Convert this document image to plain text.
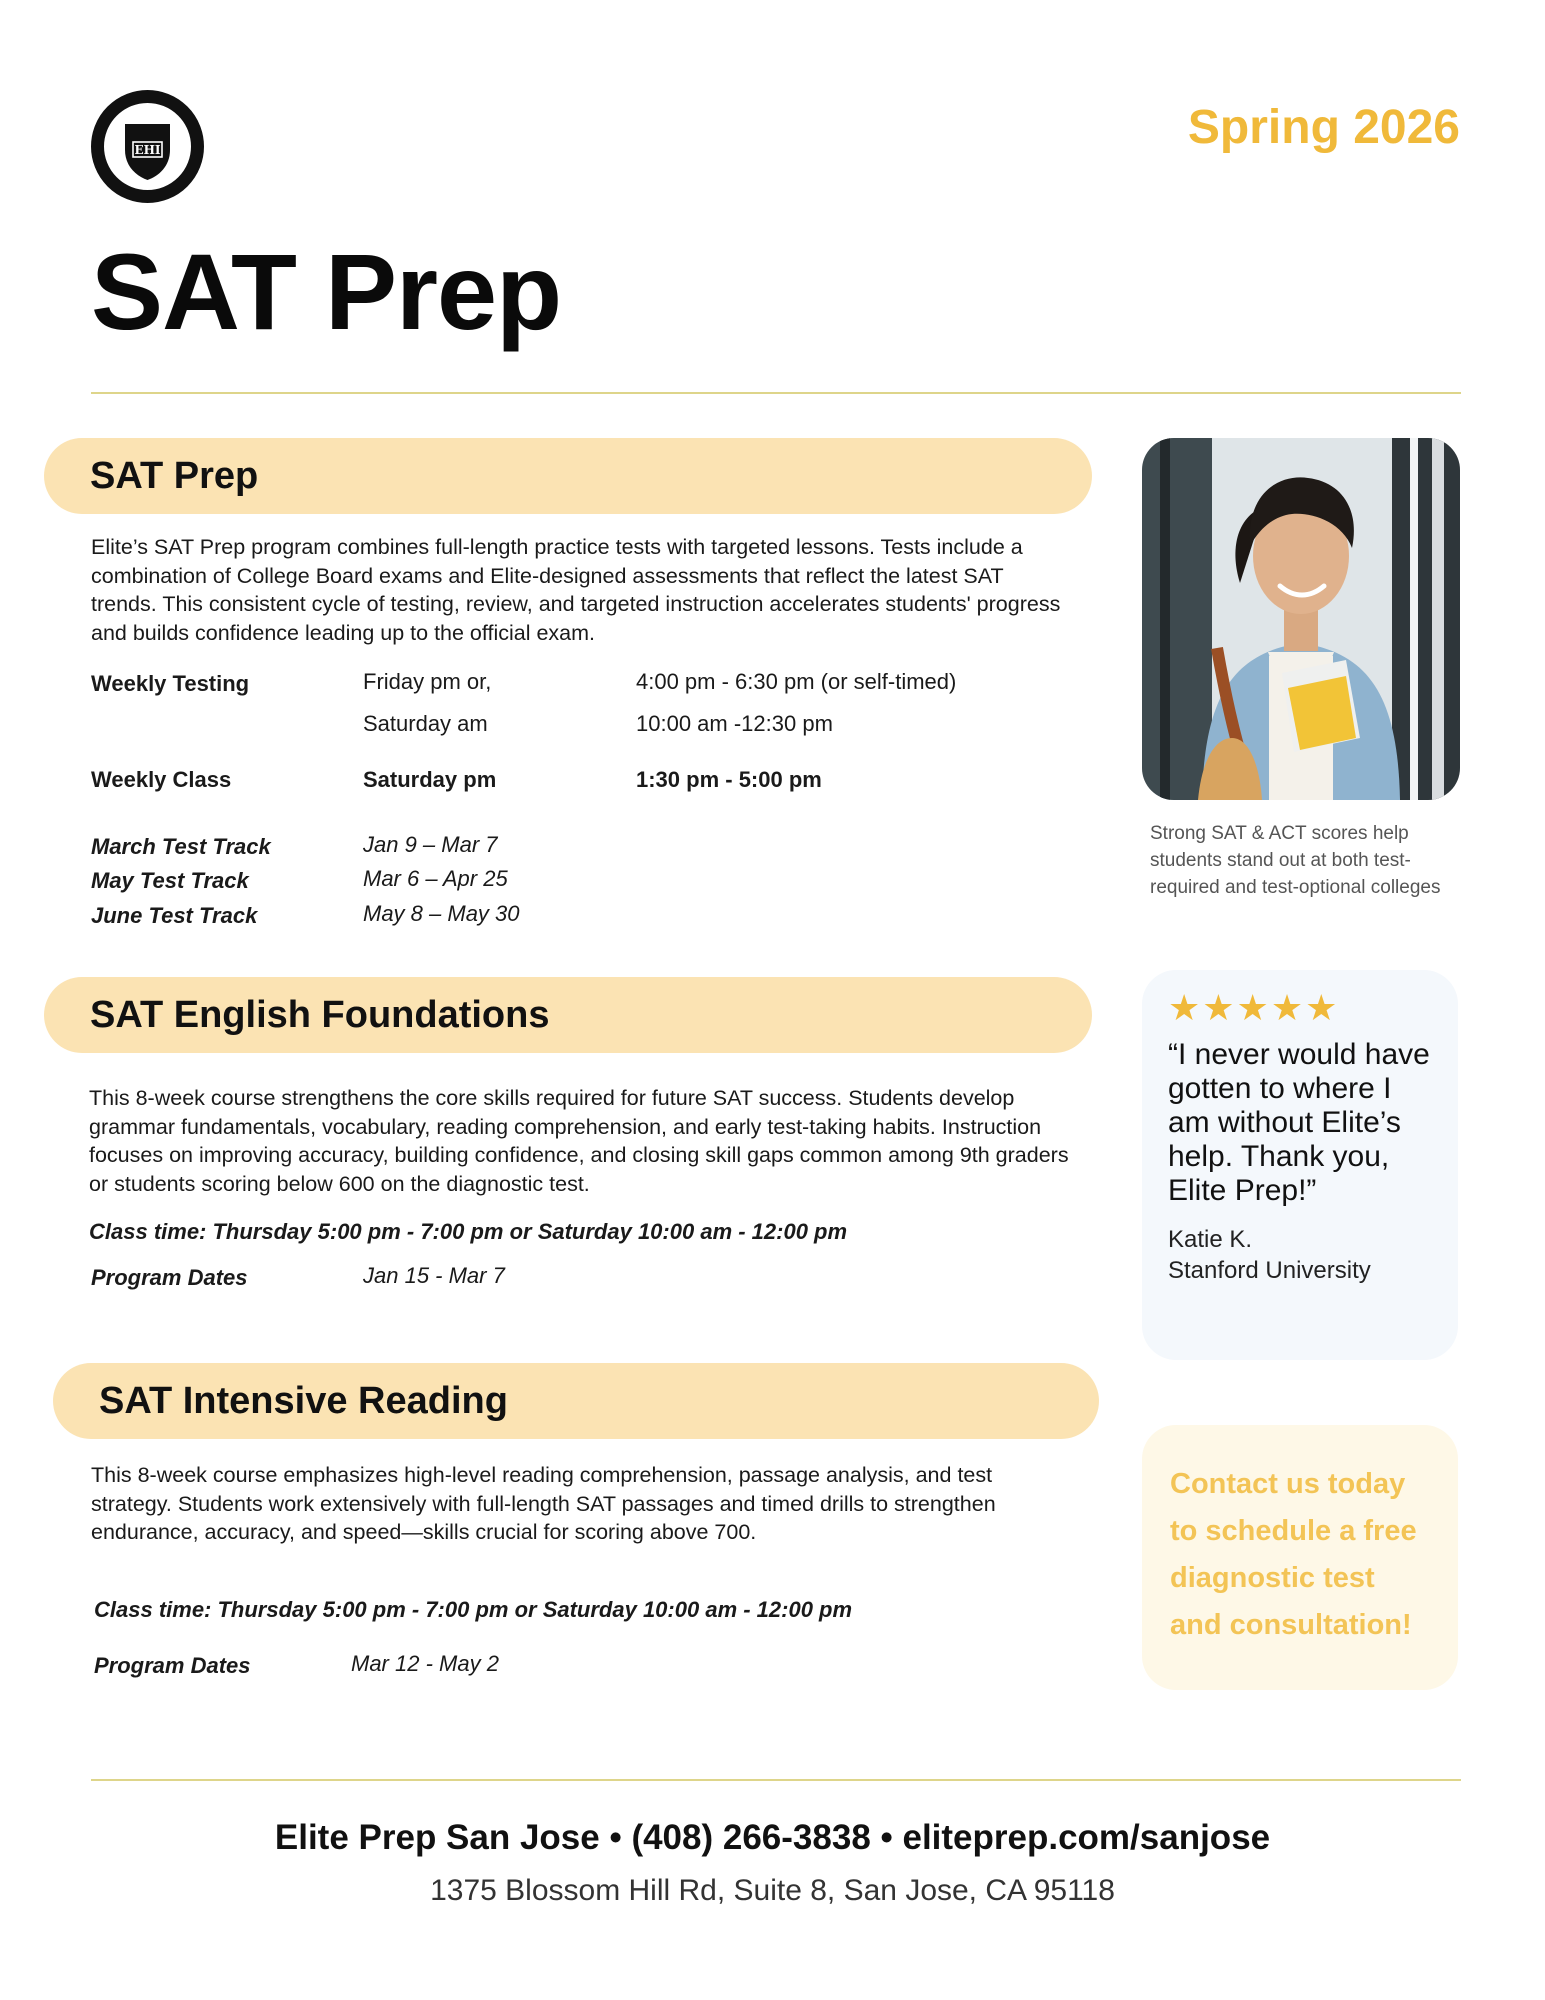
EHI	Spring 2026
SAT Prep
SAT Prep
Elite’s SAT Prep program combines full-length practice tests with targeted lessons. Tests include a combination of College Board exams and Elite-designed assessments that reflect the latest SAT trends. This consistent cycle of testing, review, and targeted instruction accelerates students' progress and builds confidence leading up to the official exam.
Weekly Testing	Friday pm or,	4:00 pm - 6:30 pm (or self-timed)
Saturday am	10:00 am -12:30 pm
Weekly Class	Saturday pm	1:30 pm - 5:00 pm
March Test Track	Jan 9 – Mar 7
May Test Track	Mar 6 – Apr 25
June Test Track	May 8 – May 30
SAT English Foundations
This 8-week course strengthens the core skills required for future SAT success. Students develop grammar fundamentals, vocabulary, reading comprehension, and early test-taking habits. Instruction focuses on improving accuracy, building confidence, and closing skill gaps common among 9th graders or students scoring below 600 on the diagnostic test.
Class time: Thursday 5:00 pm - 7:00 pm or Saturday 10:00 am - 12:00 pm
Program Dates	Jan 15 - Mar 7
SAT Intensive Reading
This 8-week course emphasizes high-level reading comprehension, passage analysis, and test strategy. Students work extensively with full-length SAT passages and timed drills to strengthen endurance, accuracy, and speed—skills crucial for scoring above 700.
Class time: Thursday 5:00 pm - 7:00 pm or Saturday 10:00 am - 12:00 pm
Program Dates	Mar 12 - May 2
Strong SAT & ACT scores help students stand out at both test-required and test-optional colleges
★★★★★
“I never would have gotten to where I am without Elite’s help. Thank you, Elite Prep!”
Katie K.
Stanford University
Contact us today to schedule a free diagnostic test and consultation!
Elite Prep San Jose • (408) 266-3838 • eliteprep.com/sanjose
1375 Blossom Hill Rd, Suite 8, San Jose, CA 95118
